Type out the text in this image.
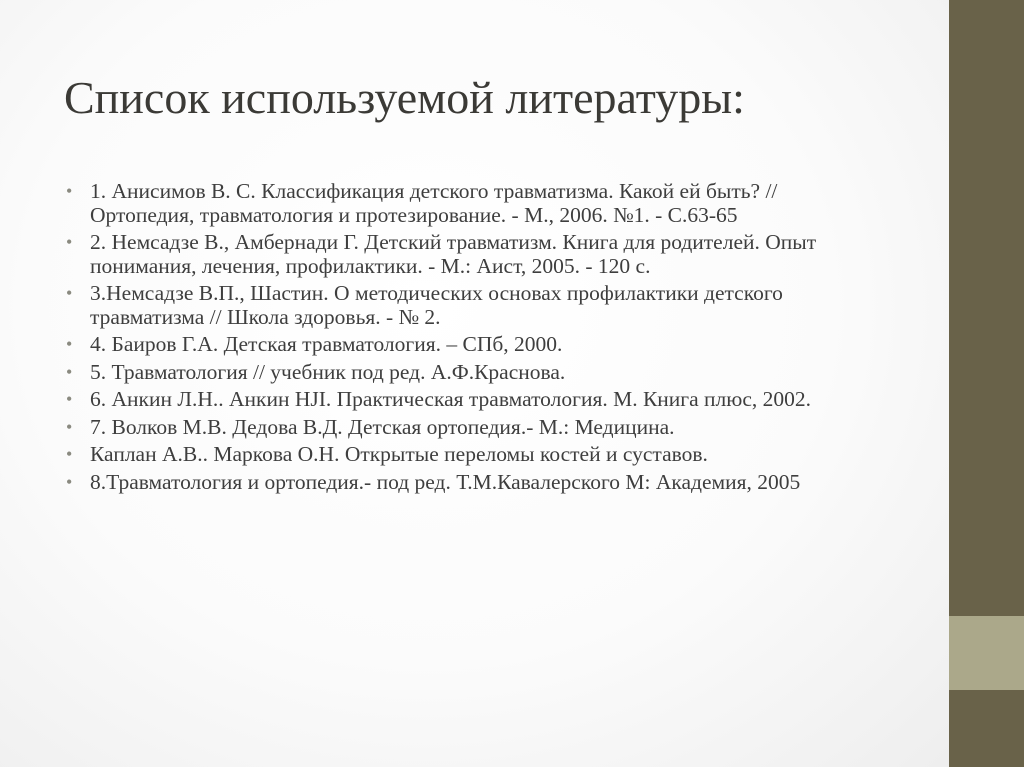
Список используемой литературы:
• 1. Анисимов В. С. Классификация детского травматизма. Какой ей быть? // Ортопедия, травматология и протезирование. - М., 2006. №1. - С.63-65
• 2. Немсадзе В., Амбернади Г. Детский травматизм. Книга для родителей. Опыт понимания, лечения, профилактики. - М.: Аист, 2005. - 120 с.
• 3.Немсадзе В.П., Шастин. О методических основах профилактики детского травматизма // Школа здоровья. - № 2.
• 4. Баиров Г.А. Детская травматология. – СПб, 2000.
• 5. Травматология // учебник под ред. А.Ф.Краснова.
• 6. Анкин Л.Н.. Анкин HJI. Практическая травматология. М. Книга плюс, 2002.
• 7. Волков М.В. Дедова В.Д. Детская ортопедия.- М.: Медицина.
• Каплан А.В.. Маркова О.Н. Открытые переломы костей и суставов.
• 8.Травматология и ортопедия.- под ред. Т.М.Кавалерского М: Академия, 2005
